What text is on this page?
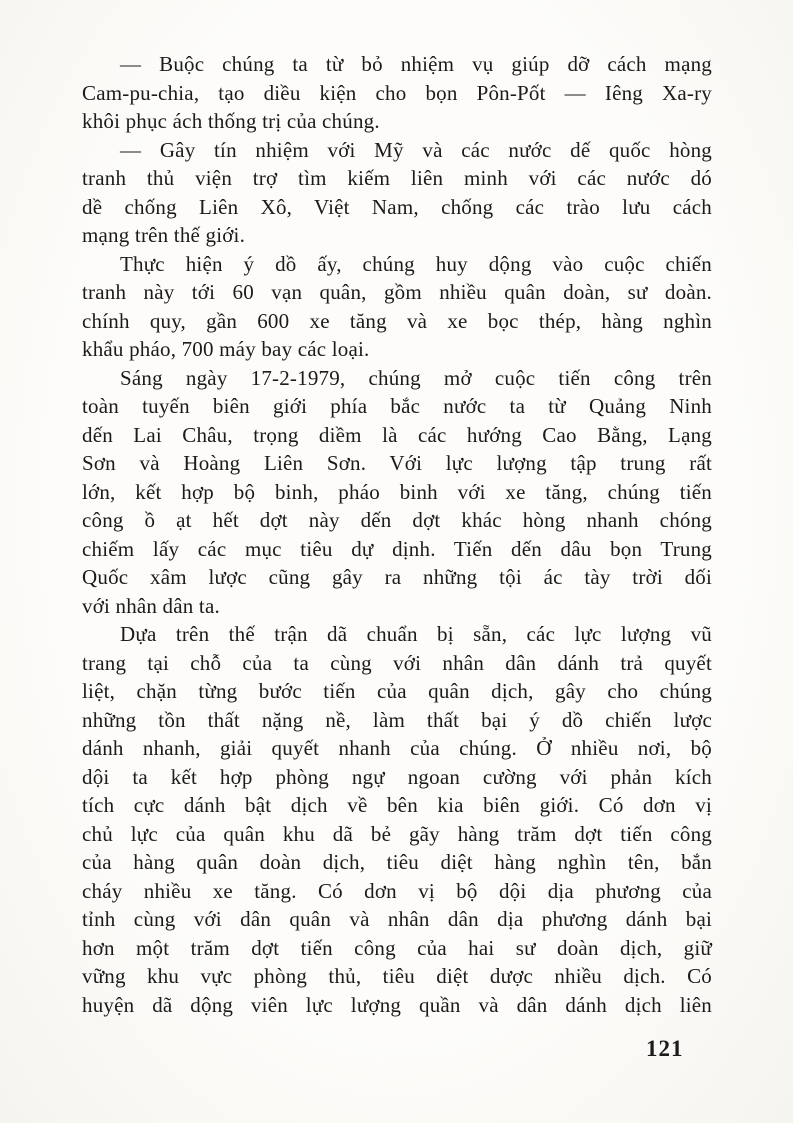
— Buộc chúng ta từ bỏ nhiệm vụ giúp dỡ cách mạng
Cam-pu-chia, tạo diều kiện cho bọn Pôn-Pốt — Iêng Xa-ry
khôi phục ách thống trị của chúng.
— Gây tín nhiệm với Mỹ và các nước dế quốc hòng
tranh thủ viện trợ tìm kiếm liên minh với các nước dó
dề chống Liên Xô, Việt Nam, chống các trào lưu cách
mạng trên thế giới.
Thực hiện ý dồ ấy, chúng huy dộng vào cuộc chiến
tranh này tới 60 vạn quân, gồm nhiều quân doàn, sư doàn.
chính quy, gần 600 xe tăng và xe bọc thép, hàng nghìn
khẩu pháo, 700 máy bay các loại.
Sáng ngày 17-2-1979, chúng mở cuộc tiến công trên
toàn tuyến biên giới phía bắc nước ta từ Quảng Ninh
dến Lai Châu, trọng diềm là các hướng Cao Bằng, Lạng
Sơn và Hoàng Liên Sơn. Với lực lượng tập trung rất
lớn, kết hợp bộ binh, pháo binh với xe tăng, chúng tiến
công ồ ạt hết dợt này dến dợt khác hòng nhanh chóng
chiếm lấy các mục tiêu dự dịnh. Tiến dến dâu bọn Trung
Quốc xâm lược cũng gây ra những tội ác tày trời dối
với nhân dân ta.
Dựa trên thế trận dã chuẩn bị sẵn, các lực lượng vũ
trang tại chỗ của ta cùng với nhân dân dánh trả quyết
liệt, chặn từng bước tiến của quân dịch, gây cho chúng
những tồn thất nặng nề, làm thất bại ý dồ chiến lược
dánh nhanh, giải quyết nhanh của chúng. Ở nhiều nơi, bộ
dội ta kết hợp phòng ngự ngoan cường với phản kích
tích cực dánh bật dịch về bên kia biên giới. Có dơn vị
chủ lực của quân khu dã bẻ gãy hàng trăm dợt tiến công
của hàng quân doàn dịch, tiêu diệt hàng nghìn tên, bắn
cháy nhiều xe tăng. Có dơn vị bộ dội dịa phương của
tỉnh cùng với dân quân và nhân dân dịa phương dánh bại
hơn một trăm dợt tiến công của hai sư doàn dịch, giữ
vững khu vực phòng thủ, tiêu diệt dược nhiều dịch. Có
huyện dã dộng viên lực lượng quần và dân dánh dịch liên
121
